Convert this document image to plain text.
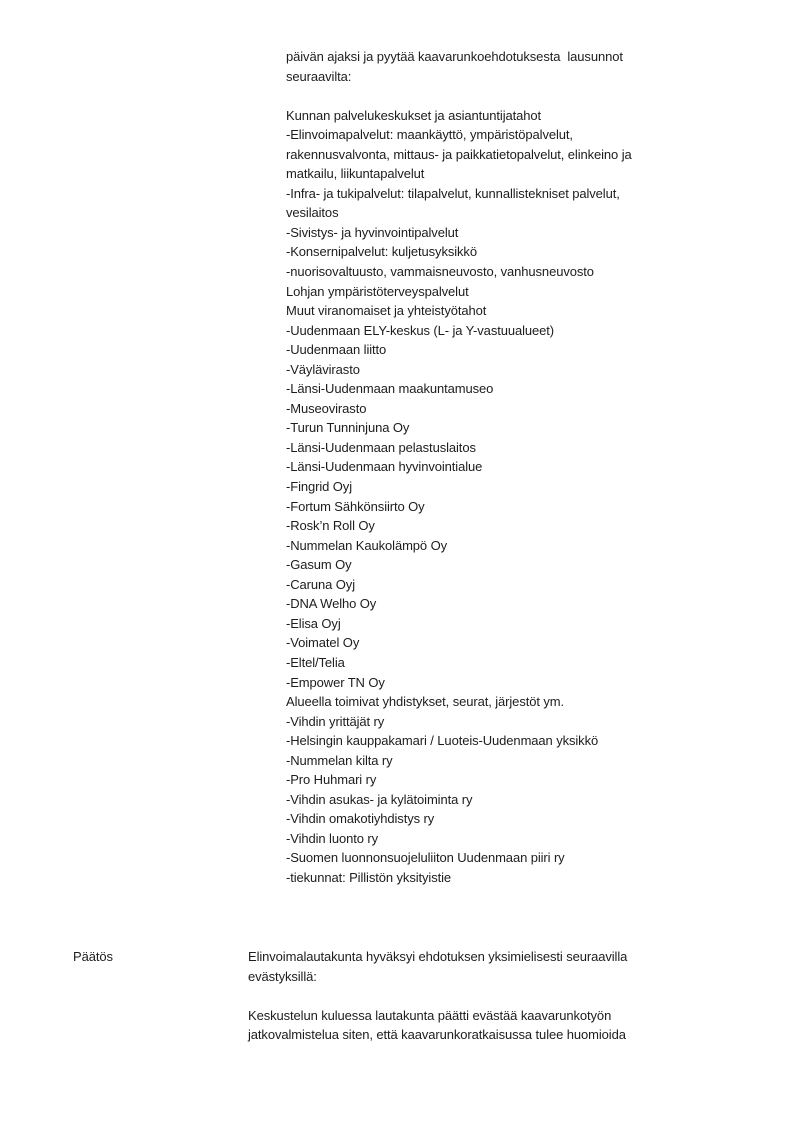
päivän ajaksi ja pyytää kaavarunkoehdotuksesta  lausunnot
seuraavilta:

Kunnan palvelukeskukset ja asiantuntijatahot
-Elinvoimapalvelut: maankäyttö, ympäristöpalvelut,
rakennusvalvonta, mittaus- ja paikkatietopalvelut, elinkeino ja
matkailu, liikuntapalvelut
-Infra- ja tukipalvelut: tilapalvelut, kunnallistekniset palvelut,
vesilaitos
-Sivistys- ja hyvinvointipalvelut
-Konsernipalvelut: kuljetusyksikkö
-nuorisovaltuusto, vammaisneuvosto, vanhusneuvosto
Lohjan ympäristöterveyspalvelut
Muut viranomaiset ja yhteistyötahot
-Uudenmaan ELY-keskus (L- ja Y-vastuualueet)
-Uudenmaan liitto
-Väylävirasto
-Länsi-Uudenmaan maakuntamuseo
-Museovirasto
-Turun Tunninjuna Oy
-Länsi-Uudenmaan pelastuslaitos
-Länsi-Uudenmaan hyvinvointialue
-Fingrid Oyj
-Fortum Sähkönsiirto Oy
-Rosk’n Roll Oy
-Nummelan Kaukolämpö Oy
-Gasum Oy
-Caruna Oyj
-DNA Welho Oy
-Elisa Oyj
-Voimatel Oy
-Eltel/Telia
-Empower TN Oy
Alueella toimivat yhdistykset, seurat, järjestöt ym.
-Vihdin yrittäjät ry
-Helsingin kauppakamari / Luoteis-Uudenmaan yksikkö
-Nummelan kilta ry
-Pro Huhmari ry
-Vihdin asukas- ja kylätoiminta ry
-Vihdin omakotiyhdistys ry
-Vihdin luonto ry
-Suomen luonnonsuojeluliiton Uudenmaan piiri ry
-tiekunnat: Pillistön yksityistie
Päätös	Elinvoimalautakunta hyväksyi ehdotuksen yksimielisesti seuraavilla
evästyksillä:

Keskustelun kuluessa lautakunta päätti evästää kaavarunkotyön
jatkovalmistelua siten, että kaavarunkoratkaisussa tulee huomioida
